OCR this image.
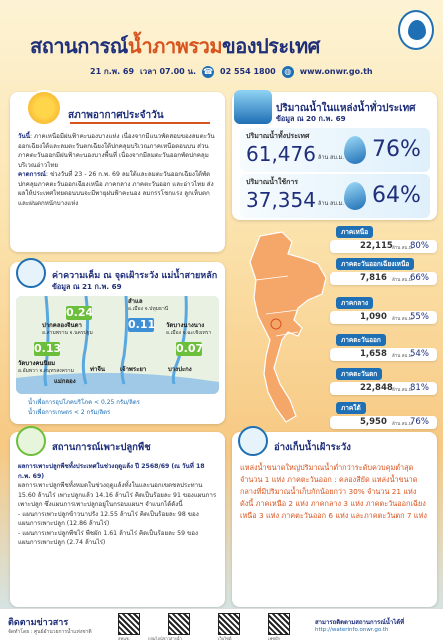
สถานการณ์น้ำภาพรวมของประเทศ
21 ก.พ. 69 เวลา 07.00 น. ☎ 02 554 1800	◍	www.onwr.go.th
สภาพอากาศประจำวัน
วันนี้: ภาคเหนือมีฝนฟ้าคะนองบางแห่ง เนื่องจากมีแนวพัดสอบของลมตะวันออกเฉียงใต้และลมตะวันตกเฉียงใต้ปกคลุมบริเวณภาคเหนือตอนบน ส่วนภาคตะวันออกมีฝนฟ้าคะนองบางพื้นที่ เนื่องจากมีลมตะวันออกพัดปกคลุมบริเวณอ่าวไทย
คาดการณ์: ช่วงวันที่ 23 - 26 ก.พ. 69 ลมใต้และลมตะวันออกเฉียงใต้พัดปกคลุมภาคตะวันออกเฉียงเหนือ ภาคกลาง ภาคตะวันออก และอ่าวไทย ส่งผลให้ประเทศไทยตอนบนจะมีพายุฝนฟ้าคะนอง ลมกรรโชกแรง ลูกเห็บตก และฝนตกหนักบางแห่ง
ปริมาณน้ำในแหล่งน้ำทั่วประเทศ
ข้อมูล ณ 20 ก.พ. 69
ปริมาณน้ำทั้งประเทศ
61,476 ล้าน ลบ.ม. 76%
ปริมาณน้ำใช้การ
37,354 ล้าน ลบ.ม. 64%
ภาคเหนือ
22,115 ล้าน ลบ.ม.
80%
ภาคตะวันออกเฉียงเหนือ
7,816 ล้าน ลบ.ม.
66%
ภาคกลาง
1,090 ล้าน ลบ.ม.
55%
ภาคตะวันออก
1,658 ล้าน ลบ.ม.
54%
ภาคตะวันตก
22,848 ล้าน ลบ.ม.
81%
ภาคใต้
5,950 ล้าน ลบ.ม.
76%
ค่าความเค็ม ณ จุดเฝ้าระวัง แม่น้ำสายหลัก
ข้อมูล ณ 21 ก.พ. 69
สำแล
อ.เมือง จ.ปทุมธานี
0.11 วัดบางนางนาง
อ.เมือง จ.ฉะเชิงเทรา
0.07
0.24
ปากคลองจินดา
อ.สามพราน จ.นครปฐม
0.13
วัดบางคนนิยม
อ.อัมพวา จ.สมุทรสงคราม	ท่าจีน	เจ้าพระยา
แม่กลอง
บางปะกง
น้ำเพื่อการอุปโภคบริโภค < 0.25 กรัม/ลิตร
น้ำเพื่อการเกษตร < 2 กรัม/ลิตร
สถานการณ์เพาะปลูกพืช
ผลการเพาะปลูกพืชทั้งประเทศในช่วงฤดูแล้ง ปี 2568/69 (ณ วันที่ 18 ก.พ. 69)
ผลการเพาะปลูกพืชทั้งหมดในช่วงฤดูแล้งทั้งในและนอกเขตชลประทาน 15.60 ล้านไร่ เพาะปลูกแล้ว 14.16 ล้านไร่ คิดเป็นร้อยละ 91 ของแผนการเพาะปลูก ซึ่งแผนการเพาะปลูกอยู่ในกรอบแผนฯ จำแนกได้ดังนี้
- แผนการเพาะปลูกข้าวนาปรัง 12.55 ล้านไร่ คิดเป็นร้อยละ 98 ของแผนการเพาะปลูก (12.86 ล้านไร่)
- แผนการเพาะปลูกพืชไร่ พืชผัก 1.61 ล้านไร่ คิดเป็นร้อยละ 59 ของแผนการเพาะปลูก (2.74 ล้านไร่)
อ่างเก็บน้ำเฝ้าระวัง
แหล่งน้ำขนาดใหญ่ปริมาณน้ำต่ำกว่าระดับควบคุมต่ำสุด จำนวน 1 แห่ง ภาคตะวันออก : คลองสียัด แหล่งน้ำขนาดกลางที่มีปริมาณน้ำเก็บกักน้อยกว่า 30% จำนวน 21 แห่ง ดังนี้ ภาคเหนือ 2 แห่ง ภาคกลาง 3 แห่ง ภาคตะวันออกเฉียงเหนือ 3 แห่ง ภาคตะวันออก 6 แห่ง และภาคตะวันตก 7 แห่ง
ติดตามข่าวสาร
จัดทำโดย : ศูนย์อำนวยการน้ำแห่งชาติ
สทนช.	กลุ่มไลน์ข่าวสารน้ำ	เว็บไซต์	เฟซบุ๊ก
สามารถติดตามสถานการณ์น้ำได้ที่
http://waterinfo.onwr.go.th
